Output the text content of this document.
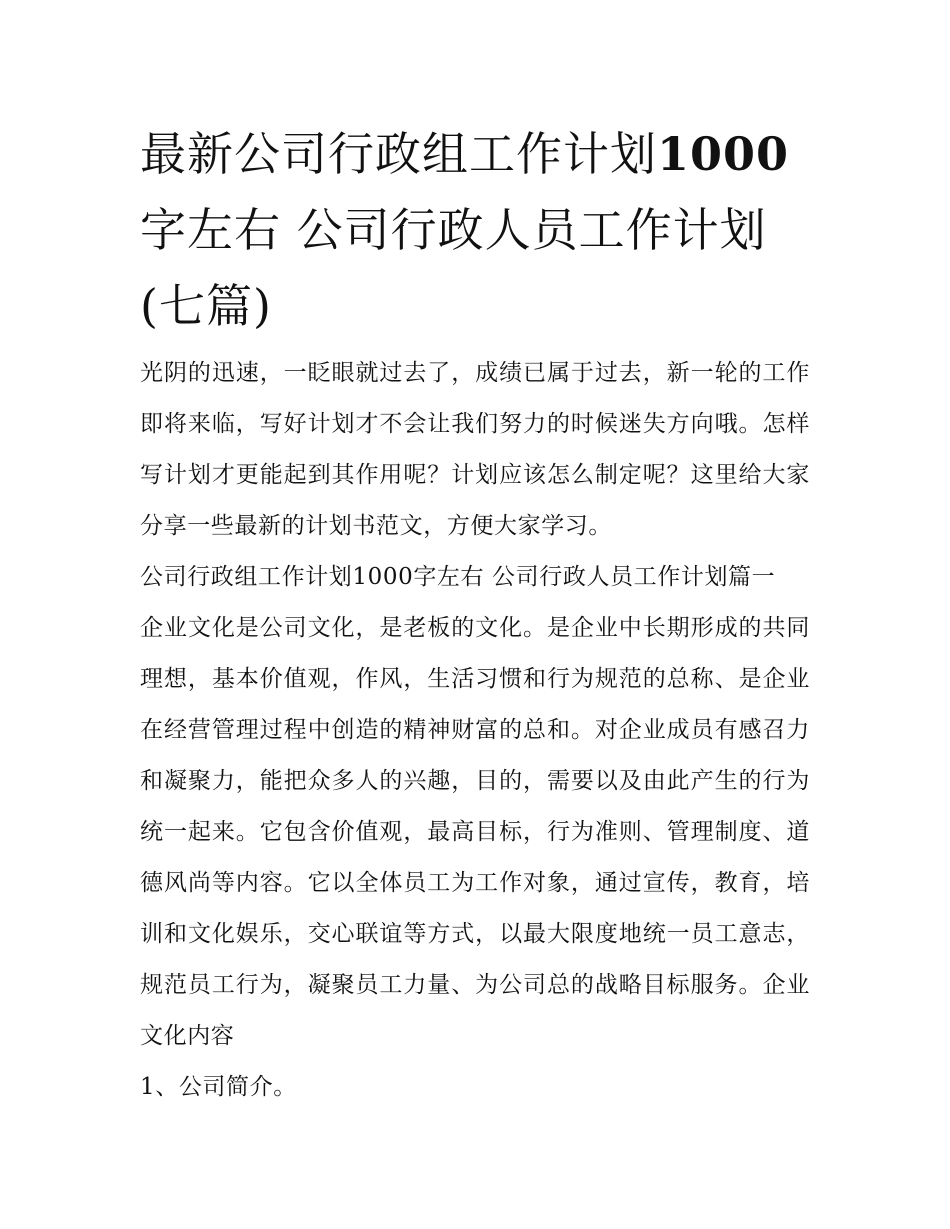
最新公司行政组工作计划1000
字左右 公司行政人员工作计划
(七篇)

光阴的迅速，一眨眼就过去了，成绩已属于过去，新一轮的工作即将来临，写好计划才不会让我们努力的时候迷失方向哦。怎样写计划才更能起到其作用呢？计划应该怎么制定呢？这里给大家分享一些最新的计划书范文，方便大家学习。

公司行政组工作计划1000字左右 公司行政人员工作计划篇一

企业文化是公司文化，是老板的文化。是企业中长期形成的共同理想，基本价值观，作风，生活习惯和行为规范的总称、是企业在经营管理过程中创造的精神财富的总和。对企业成员有感召力和凝聚力，能把众多人的兴趣，目的，需要以及由此产生的行为统一起来。它包含价值观，最高目标，行为准则、管理制度、道德风尚等内容。它以全体员工为工作对象，通过宣传，教育，培训和文化娱乐，交心联谊等方式，以最大限度地统一员工意志，规范员工行为，凝聚员工力量、为公司总的战略目标服务。企业文化内容

1、公司简介。
